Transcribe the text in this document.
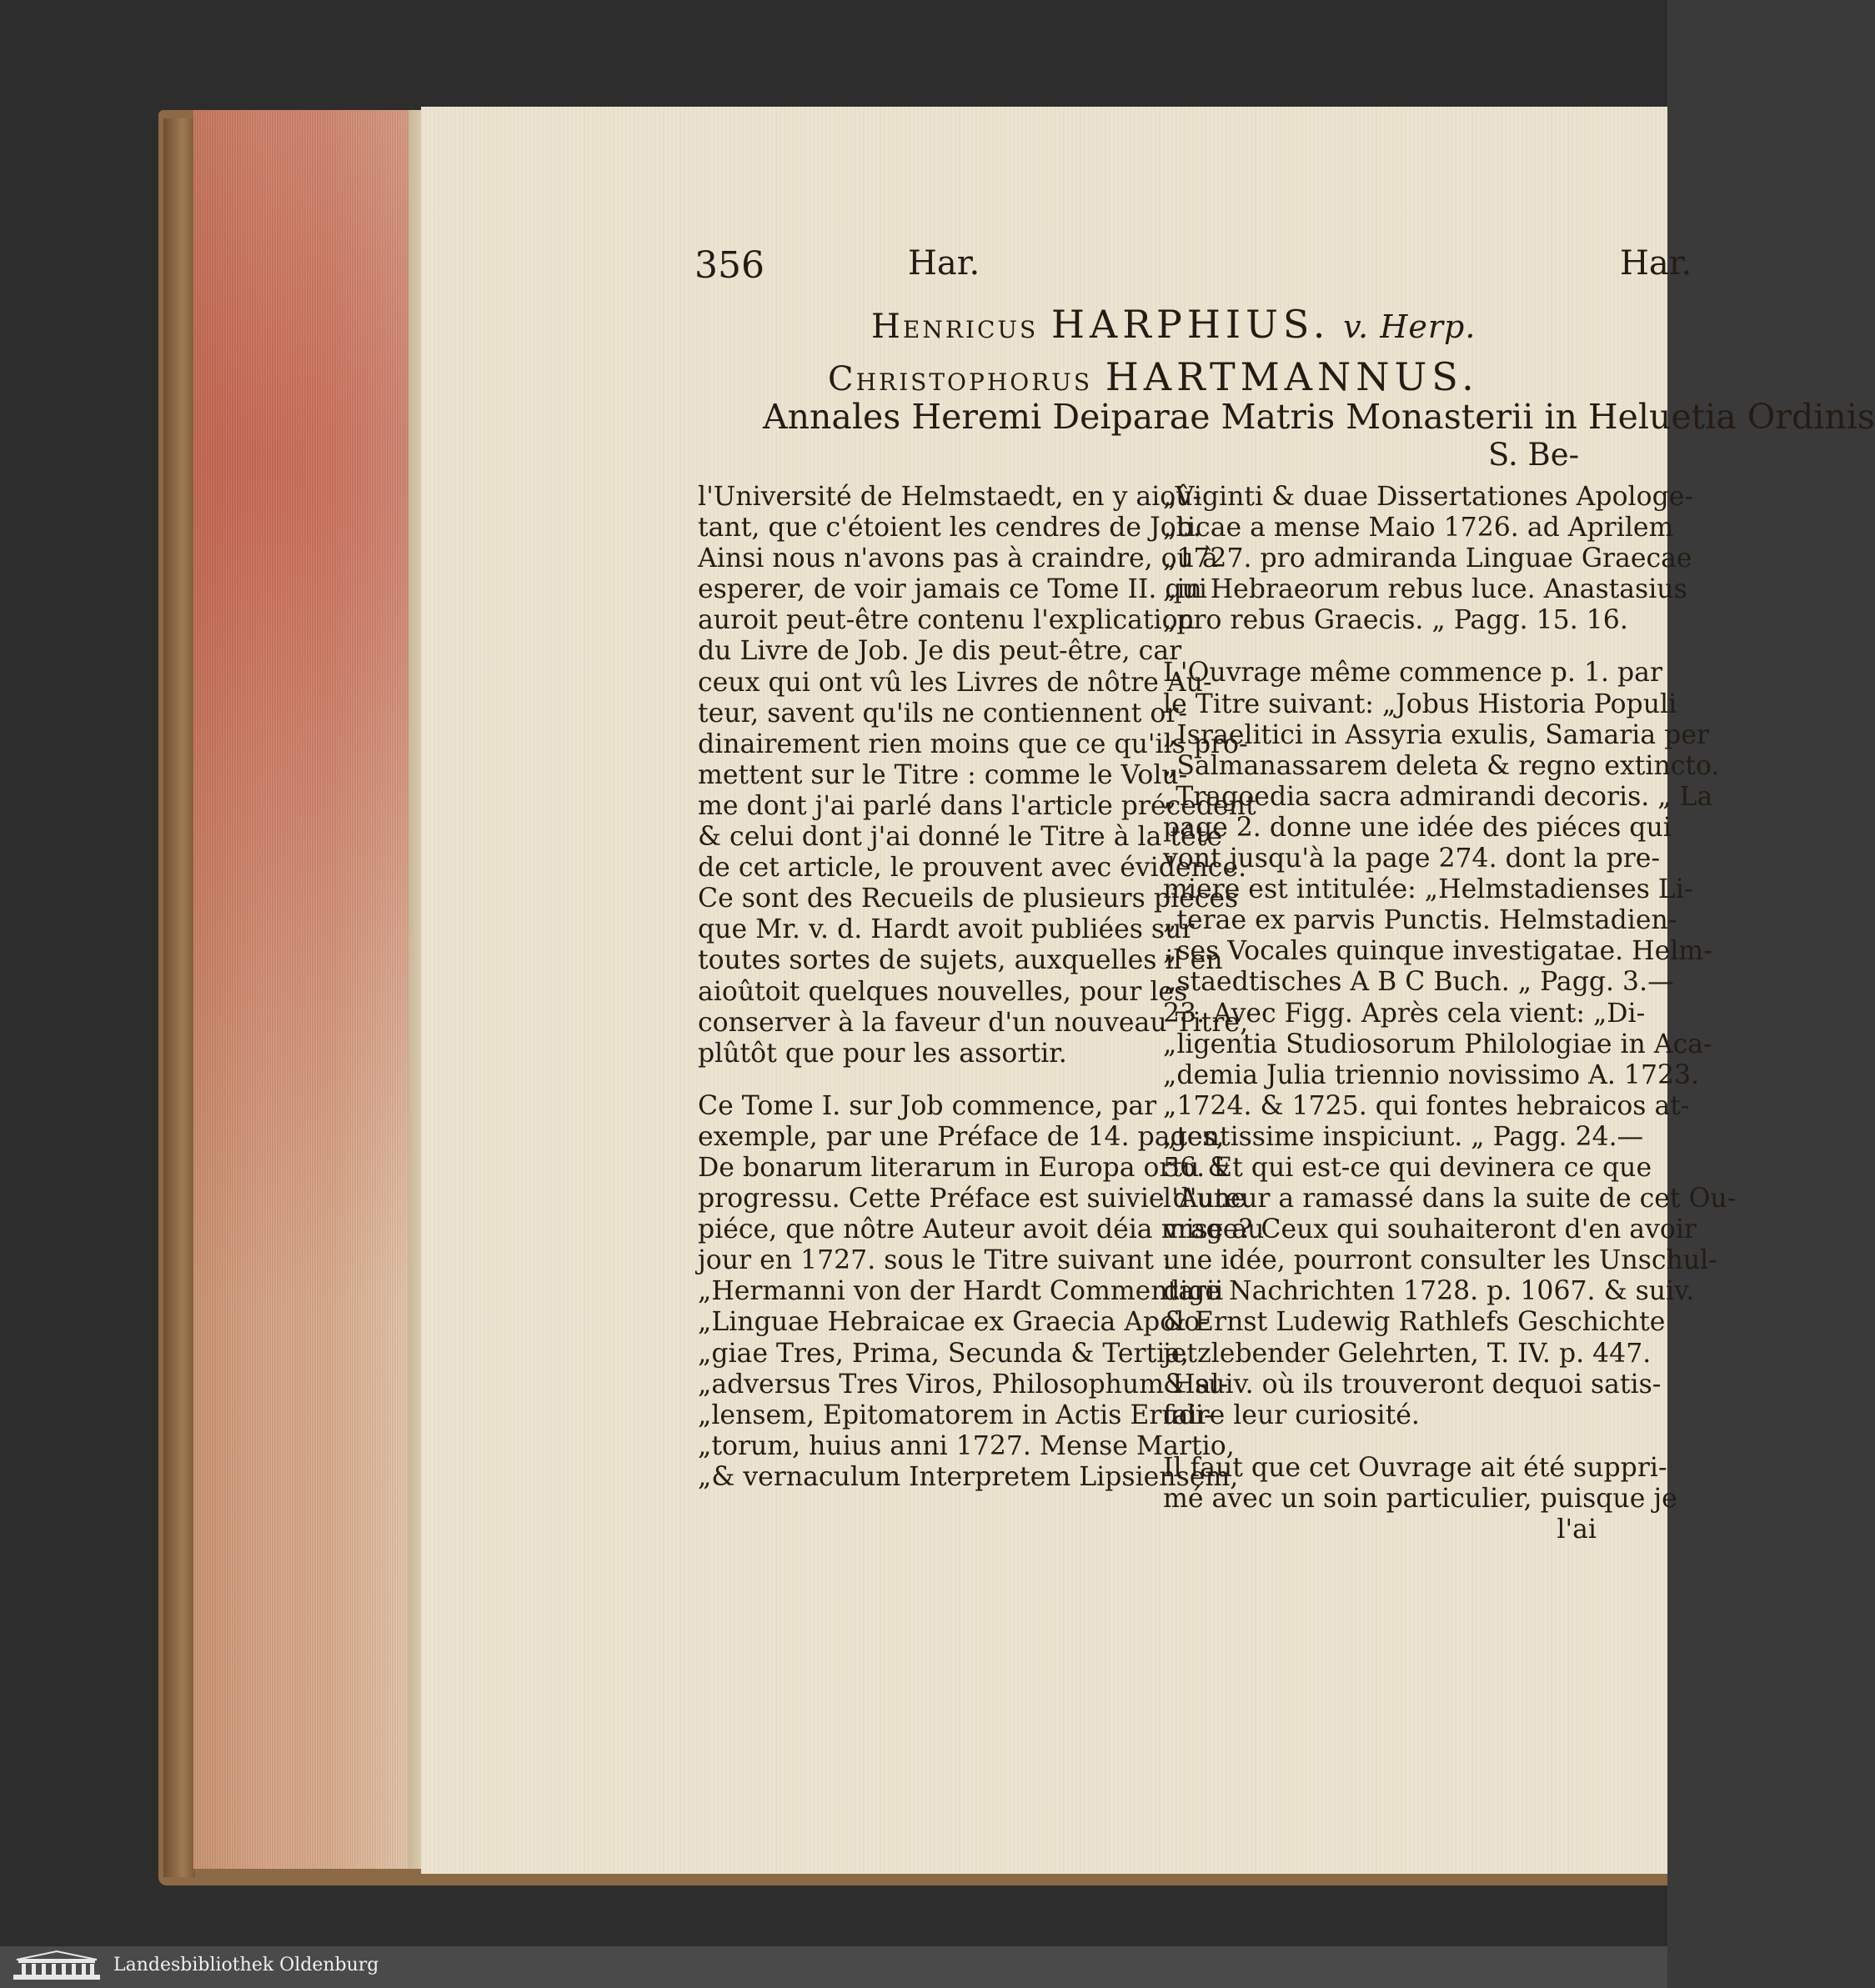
356	Har.	Har.
Henricus HARPHIUS. v. Herp.
Christophorus HARTMANNUS.
Annales Heremi Deiparae Matris Monasterii in Heluetia Ordinis
S. Be-

l'Université de Helmstaedt, en y aioû-
tant, que c'étoient les cendres de Job.
Ainsi nous n'avons pas à craindre, ou à
esperer, de voir jamais ce Tome II. qui
auroit peut-être contenu l'explication
du Livre de Job. Je dis peut-être, car
ceux qui ont vû les Livres de nôtre Au-
teur, savent qu'ils ne contiennent or-
dinairement rien moins que ce qu'ils pro-
mettent sur le Titre : comme le Volu-
me dont j'ai parlé dans l'article précedent
& celui dont j'ai donné le Titre à la tête
de cet article, le prouvent avec évidence.
Ce sont des Recueils de plusieurs piéces
que Mr. v. d. Hardt avoit publiées sur
toutes sortes de sujets, auxquelles il en
aioûtoit quelques nouvelles, pour les
conserver à la faveur d'un nouveau Titre,
plûtôt que pour les assortir.

Ce Tome I. sur Job commence, par
exemple, par une Préface de 14. pages,
De bonarum literarum in Europa ortu &
progressu. Cette Préface est suivie d'une
piéce, que nôtre Auteur avoit déia mise au
jour en 1727. sous le Titre suivant :
„Hermanni von der Hardt Commentarii
„Linguae Hebraicae ex Graecia Apolo-
„giae Tres, Prima, Secunda & Tertia,
„adversus Tres Viros, Philosophum Hal-
„lensem, Epitomatorem in Actis Erudi-
„torum, huius anni 1727. Mense Martio,
„& vernaculum Interpretem Lipsiensem,

„Viginti & duae Dissertationes Apologe-
„ticae a mense Maio 1726. ad Aprilem
„1727. pro admiranda Linguae Graecae
„in Hebraeorum rebus luce. Anastasius
„pro rebus Graecis. „ Pagg. 15. 16.

L'Ouvrage même commence p. 1. par
le Titre suivant: „Jobus Historia Populi
„Israelitici in Assyria exulis, Samaria per
„Salmanassarem deleta & regno extincto.
„Tragoedia sacra admirandi decoris. „ La
page 2. donne une idée des piéces qui
vont jusqu'à la page 274. dont la pre-
miere est intitulée: „Helmstadienses Li-
„terae ex parvis Punctis. Helmstadien-
„ses Vocales quinque investigatae. Helm-
„staedtisches A B C Buch. „ Pagg. 3.—
23. Avec Figg. Après cela vient: „Di-
„ligentia Studiosorum Philologiae in Aca-
„demia Julia triennio novissimo A. 1723.
„1724. & 1725. qui fontes hebraicos at-
„tentissime inspiciunt. „ Pagg. 24.—
56. Et qui est-ce qui devinera ce que
l'Auteur a ramassé dans la suite de cet Ou-
vrage? Ceux qui souhaiteront d'en avoir
une idée, pourront consulter les Unschul-
dige Nachrichten 1728. p. 1067. & suiv.
& Ernst Ludewig Rathlefs Geschichte
jetzlebender Gelehrten, T. IV. p. 447.
& suiv. où ils trouveront dequoi satis-
faire leur curiosité.

Il faut que cet Ouvrage ait été suppri-
mé avec un soin particulier, puisque je

l'ai
Landesbibliothek Oldenburg
